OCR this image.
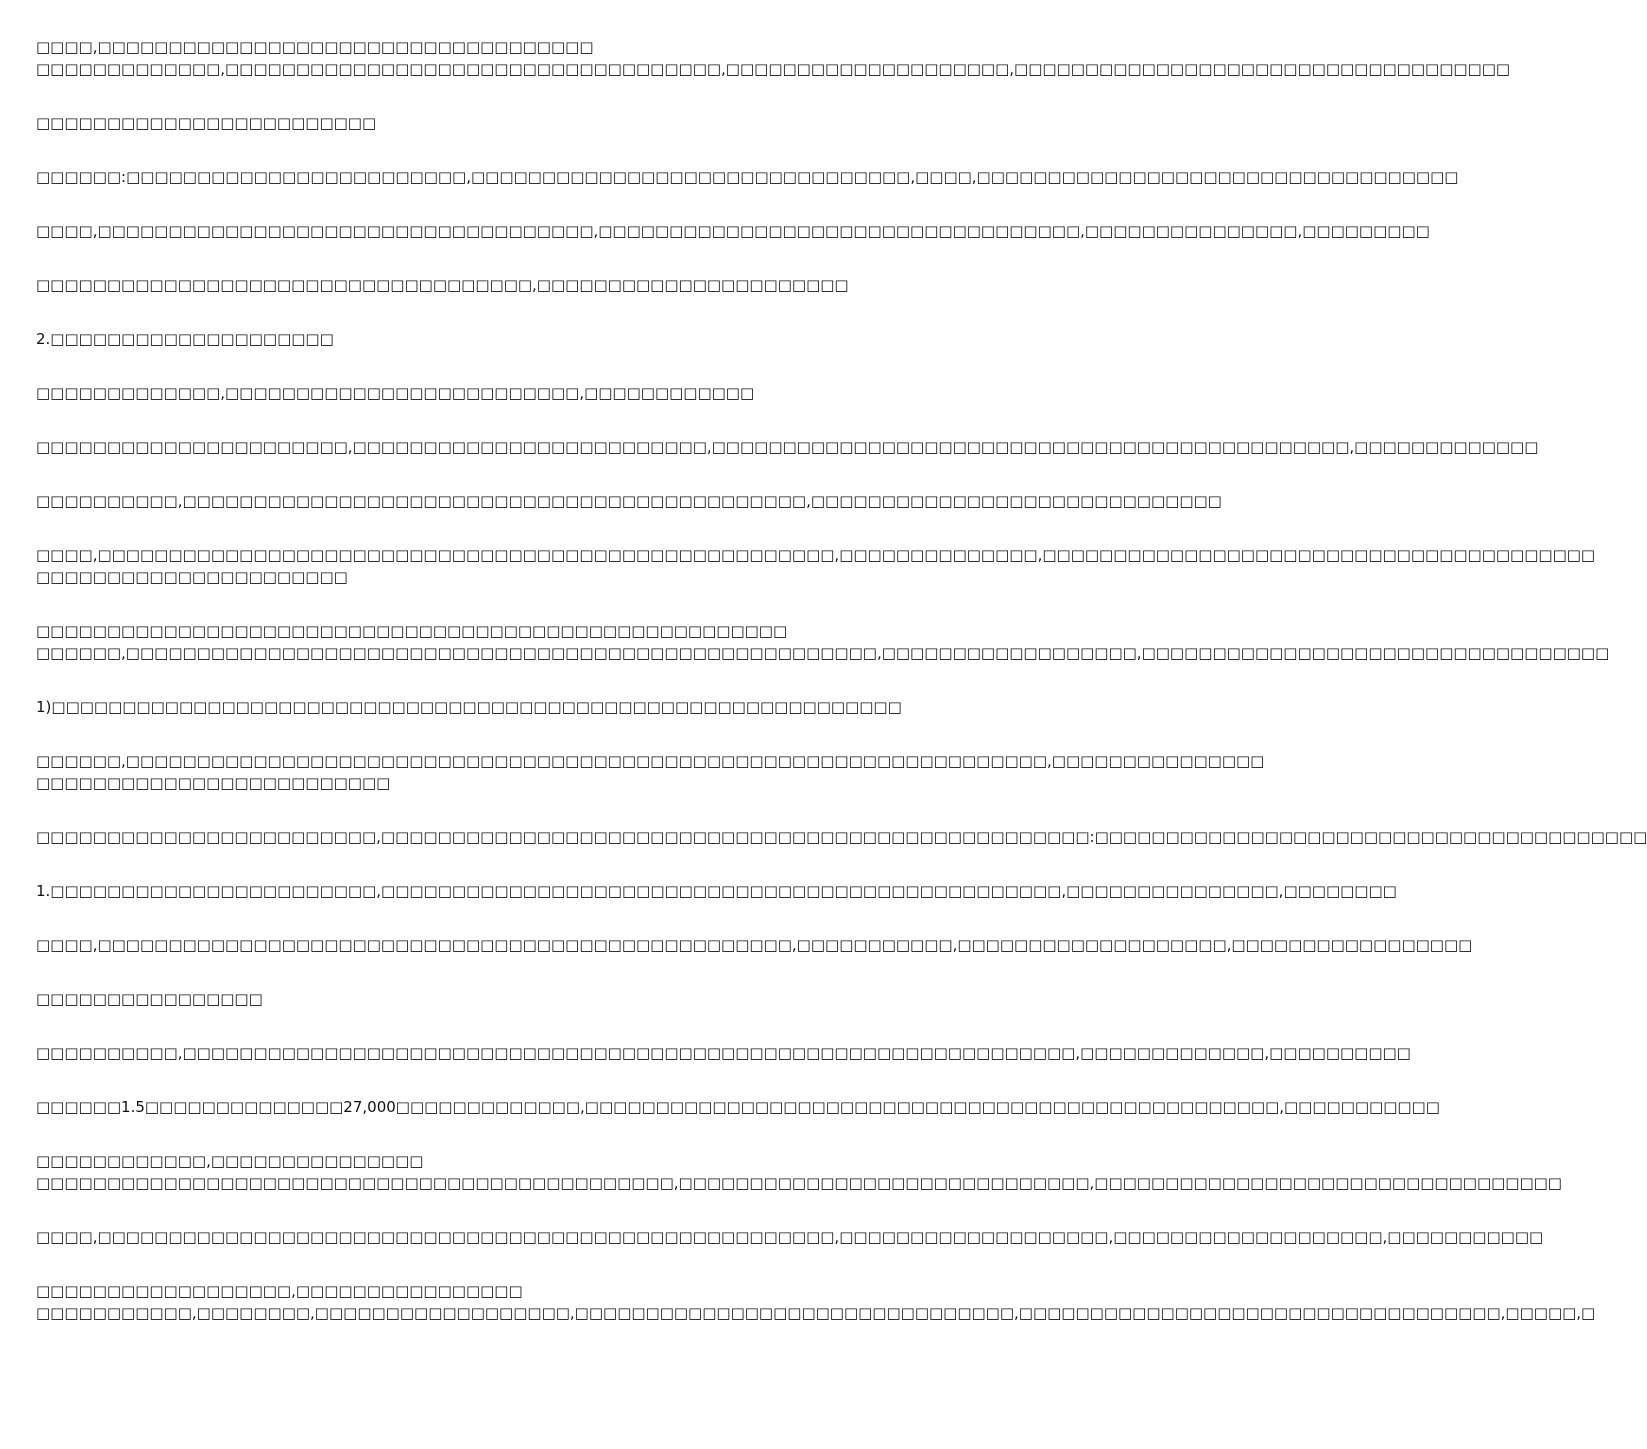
□□□□,□□□□□□□□□□□□□□□□□□□□□□□□□□□□□□□□□□□
□□□□□□□□□□□□□,□□□□□□□□□□□□□□□□□□□□□□□□□□□□□□□□□□□,□□□□□□□□□□□□□□□□□□□□,□□□□□□□□□□□□□□□□□□□□□□□□□□□□□□□□□□□
□□□□□□□□□□□□□□□□□□□□□□□□
□□□□□□:□□□□□□□□□□□□□□□□□□□□□□□□,□□□□□□□□□□□□□□□□□□□□□□□□□□□□□□□,□□□□,□□□□□□□□□□□□□□□□□□□□□□□□□□□□□□□□□□
□□□□,□□□□□□□□□□□□□□□□□□□□□□□□□□□□□□□□□□□,□□□□□□□□□□□□□□□□□□□□□□□□□□□□□□□□□□,□□□□□□□□□□□□□□□,□□□□□□□□□
□□□□□□□□□□□□□□□□□□□□□□□□□□□□□□□□□□□,□□□□□□□□□□□□□□□□□□□□□□
2.□□□□□□□□□□□□□□□□□□□□
□□□□□□□□□□□□□,□□□□□□□□□□□□□□□□□□□□□□□□□,□□□□□□□□□□□□
□□□□□□□□□□□□□□□□□□□□□□,□□□□□□□□□□□□□□□□□□□□□□□□□,□□□□□□□□□□□□□□□□□□□□□□□□□□□□□□□□□□□□□□□□□□□□□,□□□□□□□□□□□□□
□□□□□□□□□□,□□□□□□□□□□□□□□□□□□□□□□□□□□□□□□□□□□□□□□□□□□□□,□□□□□□□□□□□□□□□□□□□□□□□□□□□□□
□□□□,□□□□□□□□□□□□□□□□□□□□□□□□□□□□□□□□□□□□□□□□□□□□□□□□□□□□,□□□□□□□□□□□□□□,□□□□□□□□□□□□□□□□□□□□□□□□□□□□□□□□□□□□□□□
□□□□□□□□□□□□□□□□□□□□□□
□□□□□□□□□□□□□□□□□□□□□□□□□□□□□□□□□□□□□□□□□□□□□□□□□□□□□
□□□□□□,□□□□□□□□□□□□□□□□□□□□□□□□□□□□□□□□□□□□□□□□□□□□□□□□□□□□□,□□□□□□□□□□□□□□□□□□,□□□□□□□□□□□□□□□□□□□□□□□□□□□□□□□□□
1)□□□□□□□□□□□□□□□□□□□□□□□□□□□□□□□□□□□□□□□□□□□□□□□□□□□□□□□□□□□□
□□□□□□,□□□□□□□□□□□□□□□□□□□□□□□□□□□□□□□□□□□□□□□□□□□□□□□□□□□□□□□□□□□□□□□□□,□□□□□□□□□□□□□□□
□□□□□□□□□□□□□□□□□□□□□□□□□
□□□□□□□□□□□□□□□□□□□□□□□□,□□□□□□□□□□□□□□□□□□□□□□□□□□□□□□□□□□□□□□□□□□□□□□□□□□:□□□□□□□□□□□□□□□□□□□□□□□□□□□□□□□□□□□□□□□
1.□□□□□□□□□□□□□□□□□□□□□□□,□□□□□□□□□□□□□□□□□□□□□□□□□□□□□□□□□□□□□□□□□□□□□□□□,□□□□□□□□□□□□□□□,□□□□□□□□
□□□□,□□□□□□□□□□□□□□□□□□□□□□□□□□□□□□□□□□□□□□□□□□□□□□□□□,□□□□□□□□□□□,□□□□□□□□□□□□□□□□□□□,□□□□□□□□□□□□□□□□□
□□□□□□□□□□□□□□□□
□□□□□□□□□□,□□□□□□□□□□□□□□□□□□□□□□□□□□□□□□□□□□□□□□□□□□□□□□□□□□□□□□□□□□□□□□□,□□□□□□□□□□□□□,□□□□□□□□□□
□□□□□□1.5□□□□□□□□□□□□□□27,000□□□□□□□□□□□□□,□□□□□□□□□□□□□□□□□□□□□□□□□□□□□□□□□□□□□□□□□□□□□□□□□,□□□□□□□□□□□
□□□□□□□□□□□□,□□□□□□□□□□□□□□□
□□□□□□□□□□□□□□□□□□□□□□□□□□□□□□□□□□□□□□□□□□□□□,□□□□□□□□□□□□□□□□□□□□□□□□□□□□□,□□□□□□□□□□□□□□□□□□□□□□□□□□□□□□□□□
□□□□,□□□□□□□□□□□□□□□□□□□□□□□□□□□□□□□□□□□□□□□□□□□□□□□□□□□□,□□□□□□□□□□□□□□□□□□□,□□□□□□□□□□□□□□□□□□□,□□□□□□□□□□□
□□□□□□□□□□□□□□□□□□,□□□□□□□□□□□□□□□□
□□□□□□□□□□□,□□□□□□□□,□□□□□□□□□□□□□□□□□□,□□□□□□□□□□□□□□□□□□□□□□□□□□□□□□□,□□□□□□□□□□□□□□□□□□□□□□□□□□□□□□□□□□,□□□□□,□
